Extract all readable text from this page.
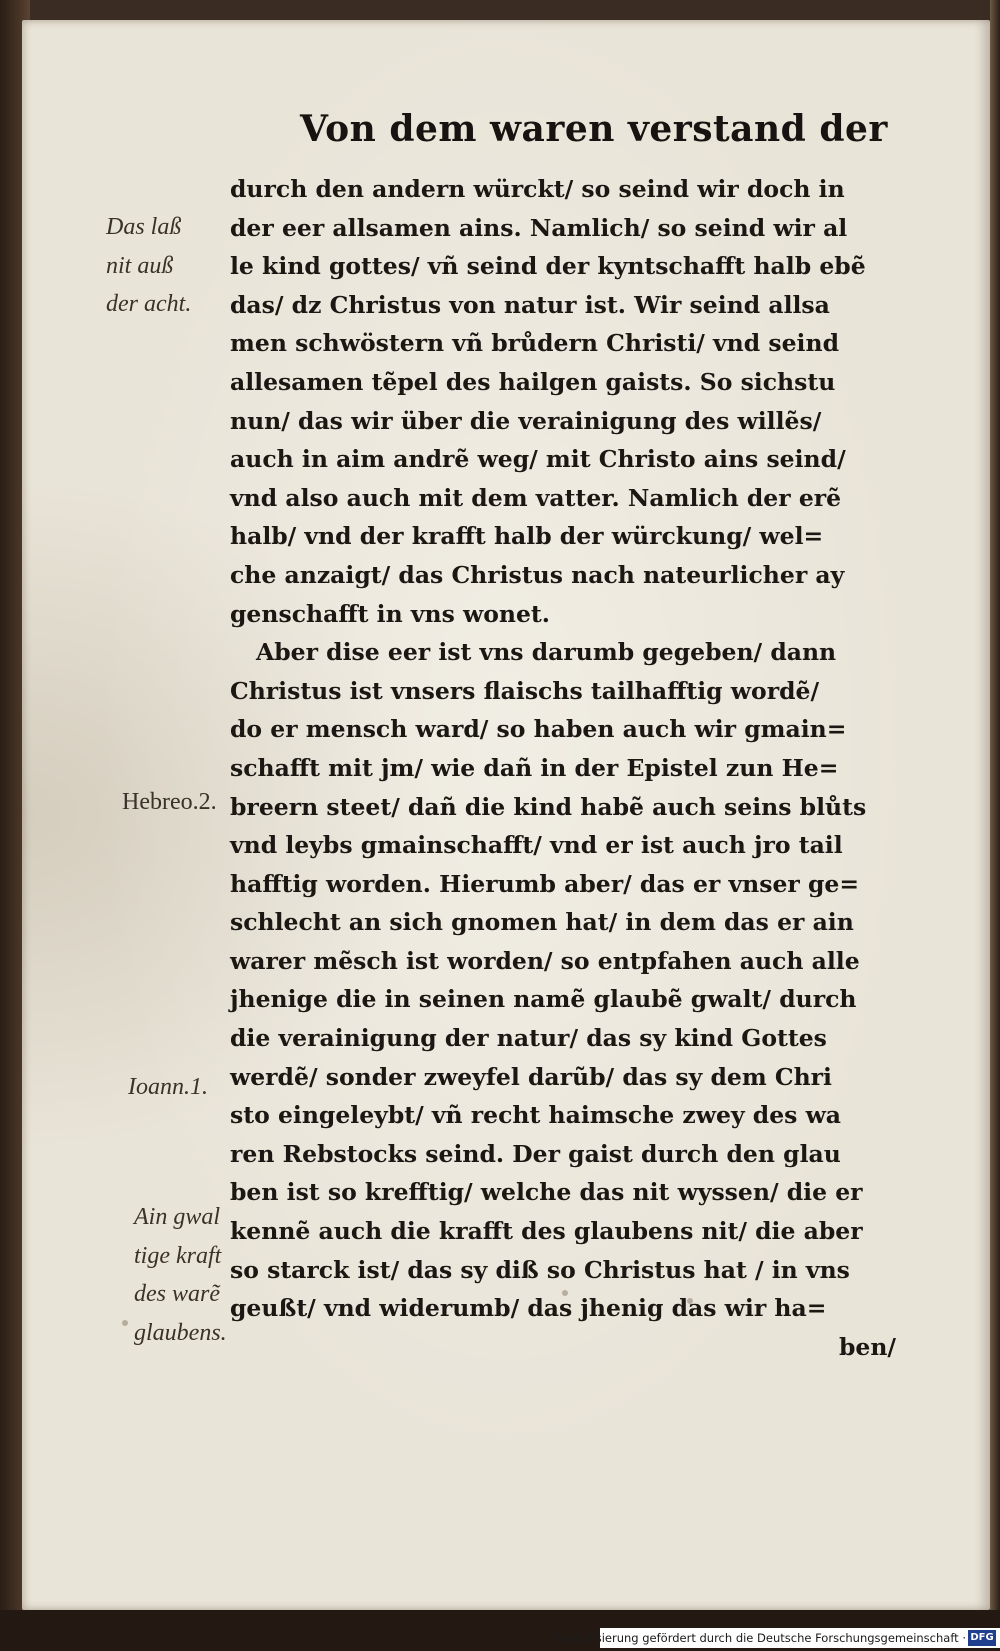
Von dem waren verstand der
durch den andern würckt/ so seind wir doch in
der eer allsamen ains. Namlich/ so seind wir al
le kind gottes/ vñ seind der kyntschafft halb ebẽ
das/ dz Christus von natur ist. Wir seind allsa
men schwöstern vñ brůdern Christi/ vnd seind
allesamen tẽpel des hailgen gaists. So sichstu
nun/ das wir über die verainigung des willẽs/
auch in aim andrẽ weg/ mit Christo ains seind/
vnd also auch mit dem vatter. Namlich der erẽ
halb/ vnd der krafft halb der würckung/ wel=
che anzaigt/ das Christus nach nateurlicher ay
genschafft in vns wonet.
Aber dise eer ist vns darumb gegeben/ dann
Christus ist vnsers flaischs tailhafftig wordẽ/
do er mensch ward/ so haben auch wir gmain=
schafft mit jm/ wie dañ in der Epistel zun He=
breern steet/ dañ die kind habẽ auch seins blůts
vnd leybs gmainschafft/ vnd er ist auch jro tail
hafftig worden. Hierumb aber/ das er vnser ge=
schlecht an sich gnomen hat/ in dem das er ain
warer mẽsch ist worden/ so entpfahen auch alle
jhenige die in seinen namẽ glaubẽ gwalt/ durch
die verainigung der natur/ das sy kind Gottes
werdẽ/ sonder zweyfel darũb/ das sy dem Chri
sto eingeleybt/ vñ recht haimsche zwey des wa
ren Rebstocks seind. Der gaist durch den glau
ben ist so krefftig/ welche das nit wyssen/ die er
kennẽ auch die krafft des glaubens nit/ die aber
so starck ist/ das sy diß so Christus hat / in vns
geußt/ vnd widerumb/ das jhenig das wir ha=
ben/
Das laß
nit auß
der acht.
Hebreo.2.
Ioann.1.
Ain gwal
tige kraft
des warẽ
glaubens.
Digitalisierung gefördert durch die Deutsche Forschungsgemeinschaft · DFG
